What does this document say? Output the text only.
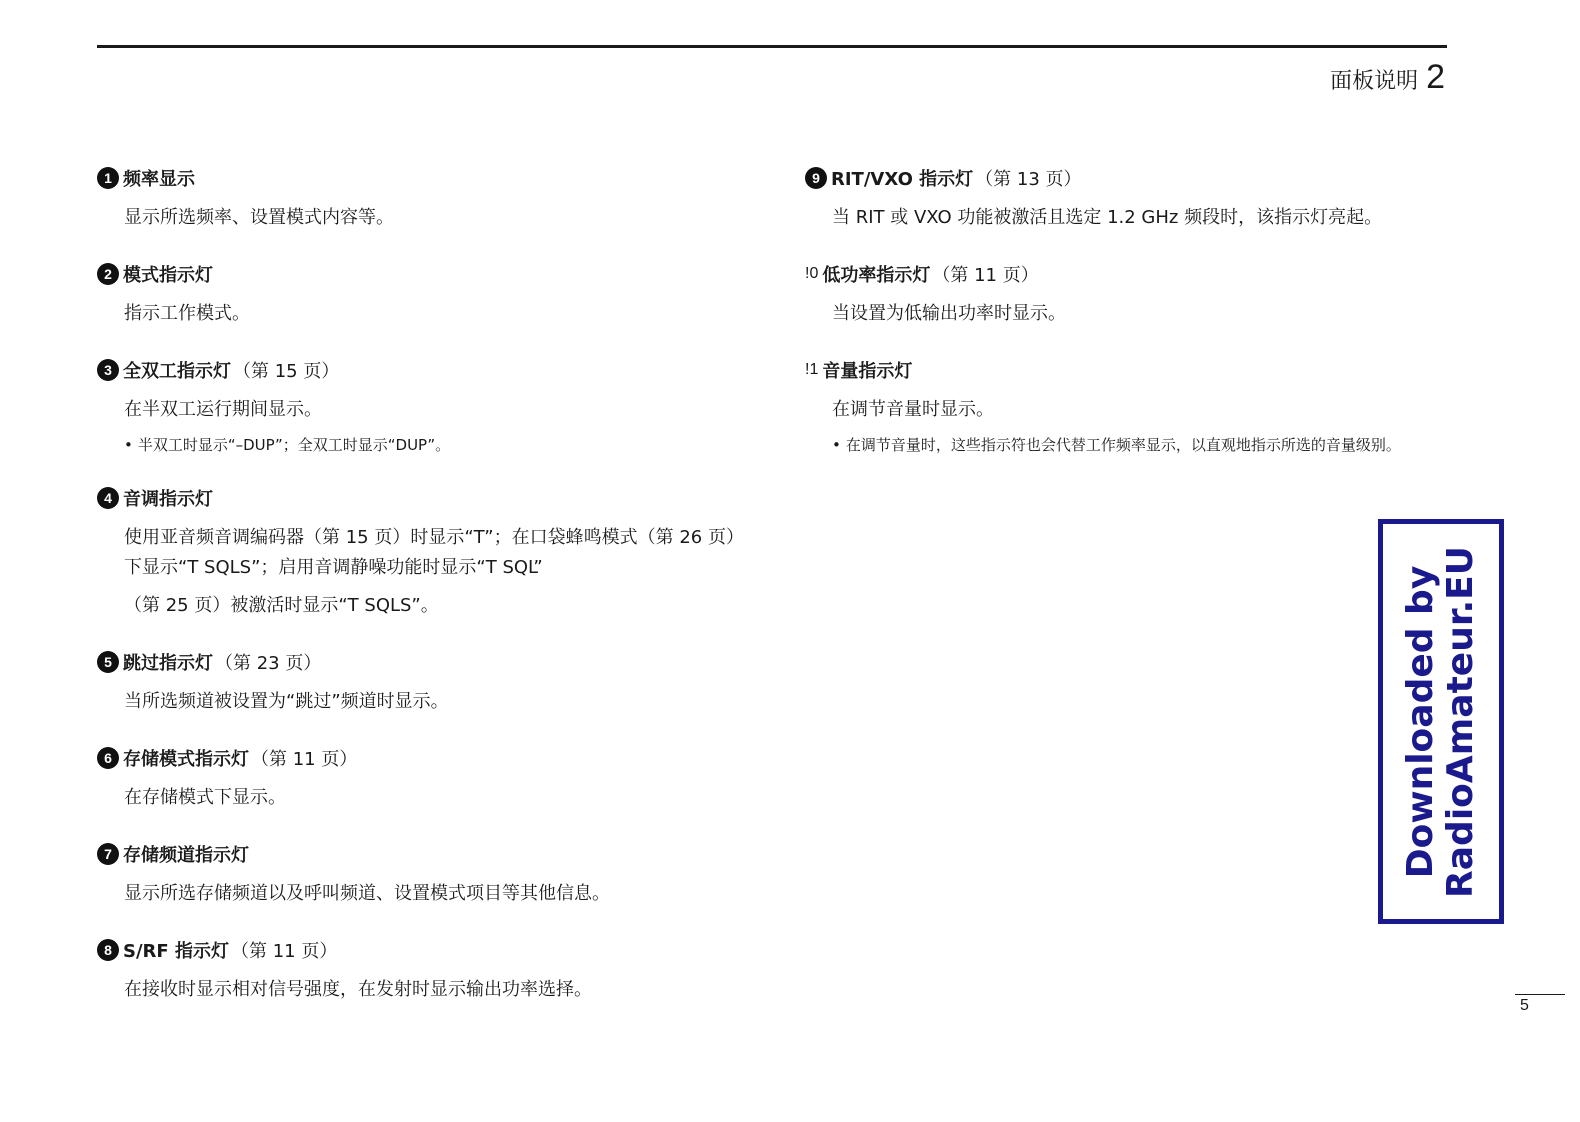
面板说明 2
1 频率显示

显示所选频率、设置模式内容等。

2 模式指示灯

指示工作模式。

3 全双工指示灯 （第 15 页）

在半双工运行期间显示。

• 半双工时显示“–DUP”；全双工时显示“DUP”。
4 音调指示灯

使用亚音频音调编码器（第 15 页）时显示“T”；在口袋蜂鸣模式（第 26 页）下显示“T SQLS”；启用音调静噪功能时显示“T SQL”

（第 25 页）被激活时显示“T SQLS”。

5 跳过指示灯 （第 23 页）

当所选频道被设置为“跳过”频道时显示。

6 存储模式指示灯 （第 11 页）

在存储模式下显示。

7 存储频道指示灯

显示所选存储频道以及呼叫频道、设置模式项目等其他信息。

8 S/RF 指示灯 （第 11 页）

在接收时显示相对信号强度，在发射时显示输出功率选择。

9 RIT/VXO 指示灯 （第 13 页）

当 RIT 或 VXO 功能被激活且选定 1.2 GHz 频段时，该指示灯亮起。

!0 低功率指示灯 （第 11 页）

当设置为低输出功率时显示。

!1 音量指示灯

在调节音量时显示。

• 在调节音量时，这些指示符也会代替工作频率显示，以直观地指示所选的音量级别。
Downloaded by RadioAmateur.EU
5
